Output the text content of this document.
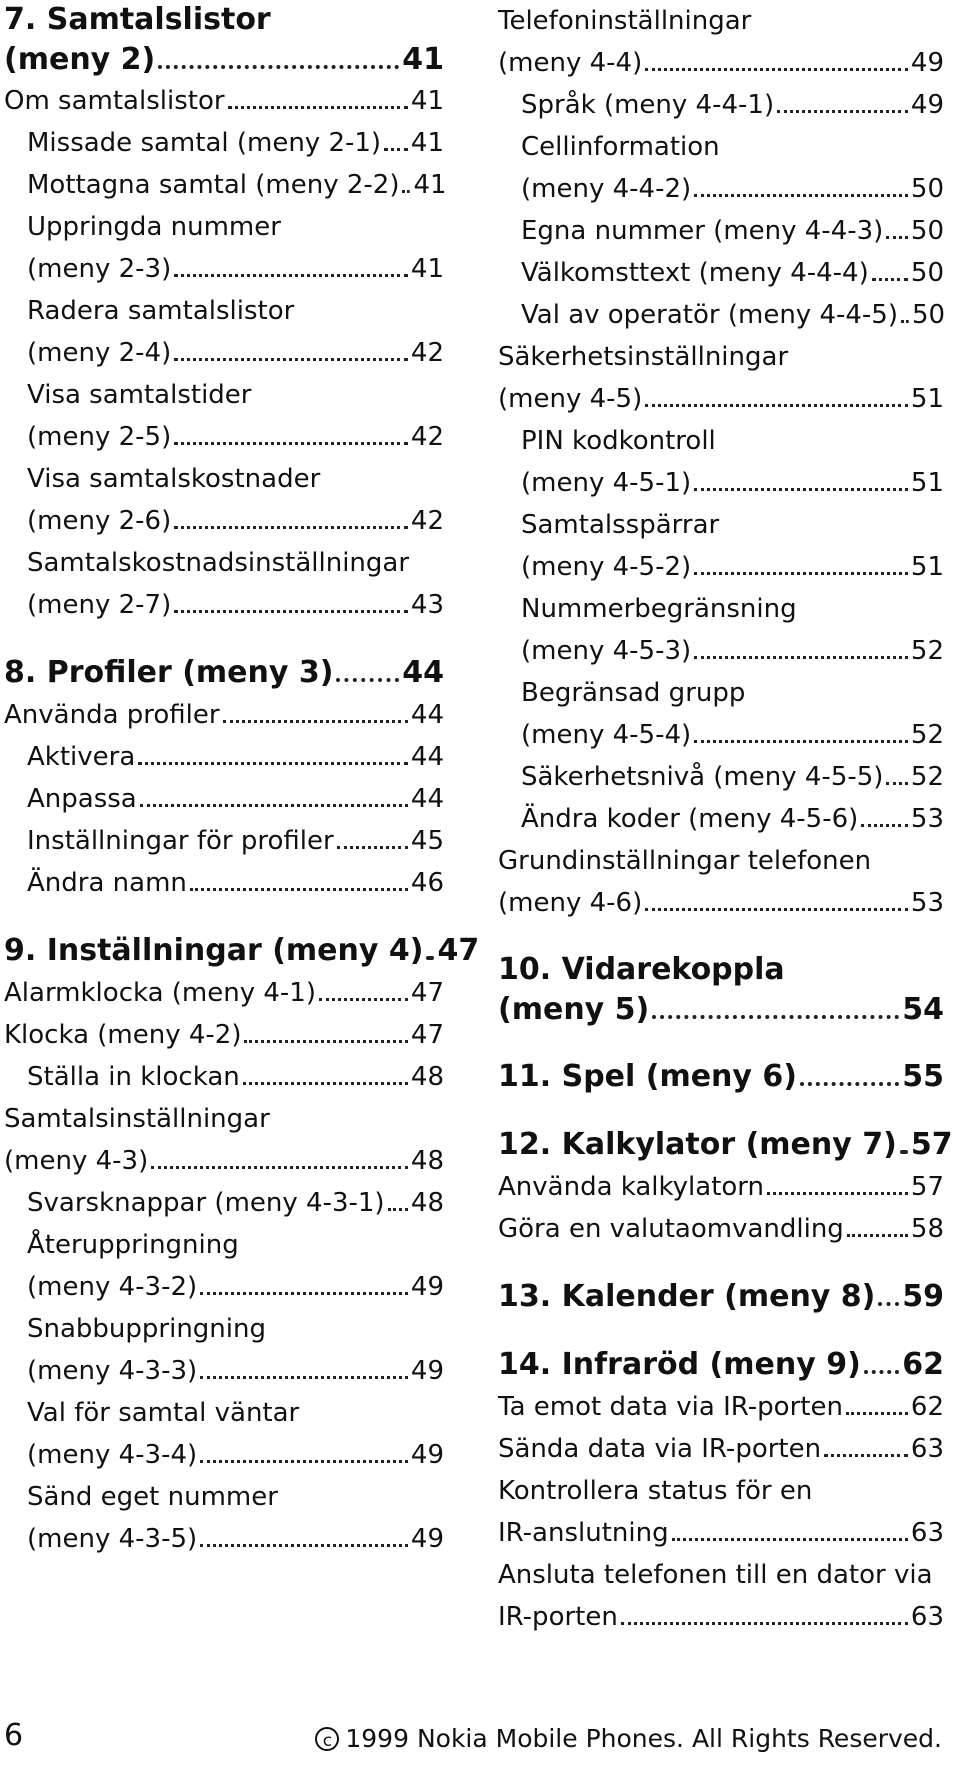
7. Samtalslistor
(meny 2)	41
Om samtalslistor	41
Missade samtal (meny 2-1) 41
Mottagna samtal (meny 2-2) 41
Uppringda nummer
(meny 2-3)	41
Radera samtalslistor
(meny 2-4)	42
Visa samtalstider
(meny 2-5)	42
Visa samtalskostnader
(meny 2-6)	42
Samtalskostnadsinställningar
(meny 2-7)	43
8. Profiler (meny 3) 44
Använda profiler	44
Aktivera	44
Anpassa	44
Inställningar för profiler	45
Ändra namn	46
9. Inställningar (meny 4) 47
Alarmklocka (meny 4-1)	47
Klocka (meny 4-2)	47
Ställa in klockan	48
Samtalsinställningar
(meny 4-3)	48
Svarsknappar (meny 4-3-1) 48
Återuppringning
(meny 4-3-2)	49
Snabbuppringning
(meny 4-3-3)	49
Val för samtal väntar
(meny 4-3-4)	49
Sänd eget nummer
(meny 4-3-5)	49
Telefoninställningar
(meny 4-4)	49
Språk (meny 4-4-1)	49
Cellinformation
(meny 4-4-2)	50
Egna nummer (meny 4-4-3) 50
Välkomsttext (meny 4-4-4) 50
Val av operatör (meny 4-4-5) 50
Säkerhetsinställningar
(meny 4-5)	51
PIN kodkontroll
(meny 4-5-1)	51
Samtalsspärrar
(meny 4-5-2)	51
Nummerbegränsning
(meny 4-5-3)	52
Begränsad grupp
(meny 4-5-4)	52
Säkerhetsnivå (meny 4-5-5) 52
Ändra koder (meny 4-5-6) 53
Grundinställningar telefonen
(meny 4-6)	53
10. Vidarekoppla
(meny 5)	54
11. Spel (meny 6)	55
12. Kalkylator (meny 7) 57
Använda kalkylatorn	57
Göra en valutaomvandling	58
13. Kalender (meny 8) 59
14. Infraröd (meny 9) 62
Ta emot data via IR-porten	62
Sända data via IR-porten	63
Kontrollera status för en
IR-anslutning	63
Ansluta telefonen till en dator via
IR-porten	63
6	c 1999 Nokia Mobile Phones. All Rights Reserved.
